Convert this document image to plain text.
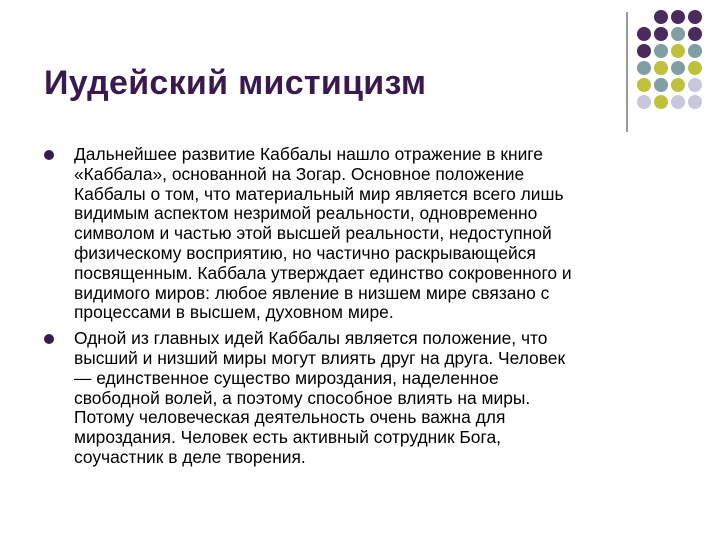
Иудейский мистицизм
Дальнейшее развитие Каббалы нашло отражение в книге
«Каббала», основанной на Зогар. Основное положение
Каббалы о том, что материальный мир является всего лишь
видимым аспектом незримой реальности, одновременно
символом и частью этой высшей реальности, недоступной
физическому восприятию, но частично раскрывающейся
посвященным. Каббала утверждает единство сокровенного и
видимого миров: любое явление в низшем мире связано с
процессами в высшем, духовном мире.
Одной из главных идей Каббалы является положение, что
высший и низший миры могут влиять друг на друга. Человек
— единственное существо мироздания, наделенное
свободной волей, а поэтому способное влиять на миры.
Потому человеческая деятельность очень важна для
мироздания. Человек есть активный сотрудник Бога,
соучастник в деле творения.
